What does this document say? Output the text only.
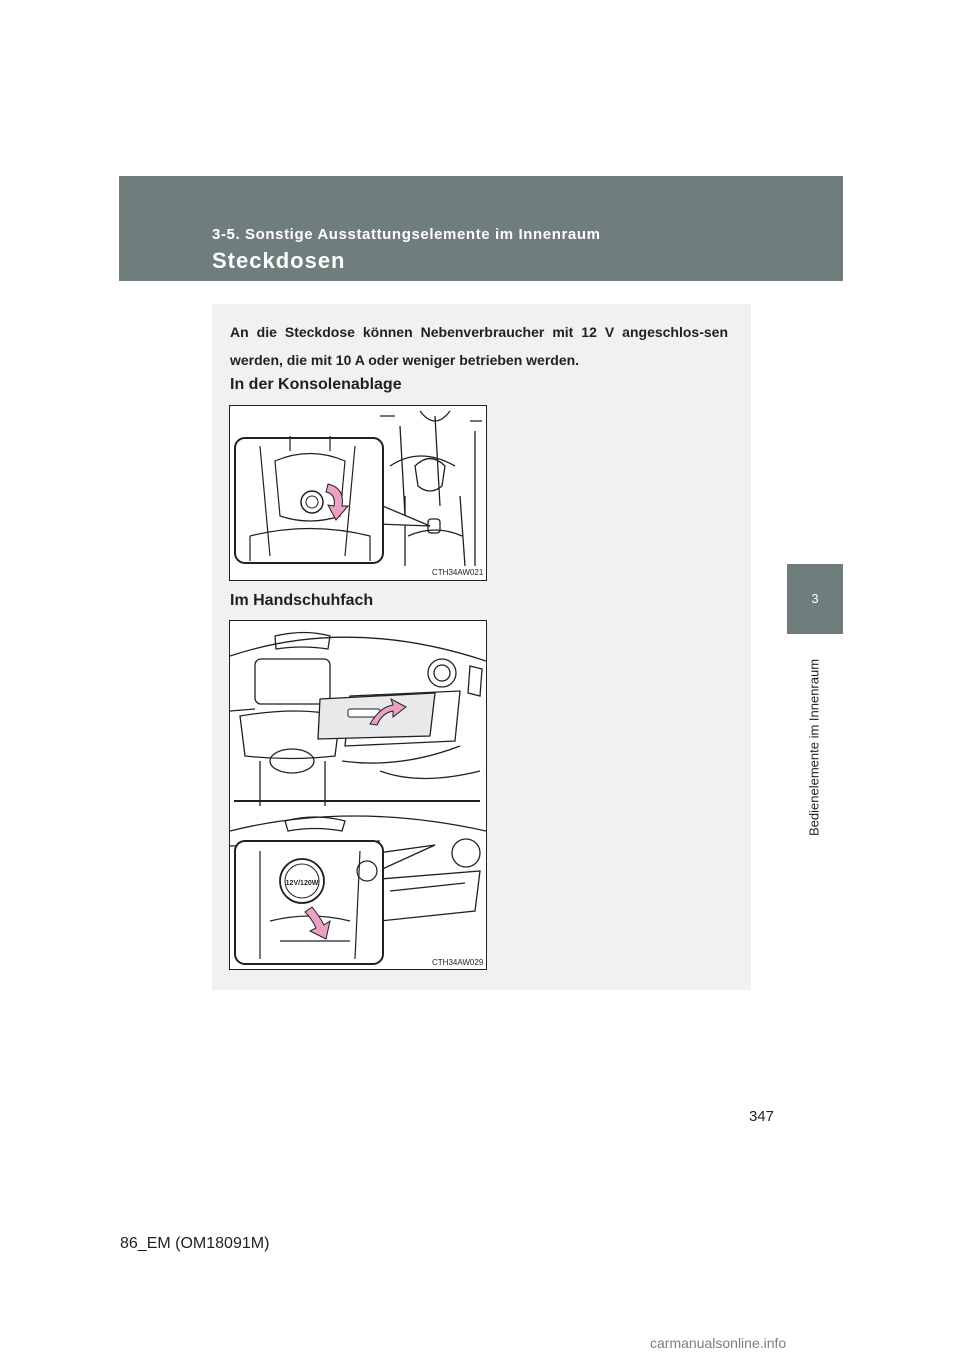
3-5. Sonstige Ausstattungselemente im Innenraum
Steckdosen
3
Bedienelemente im Innenraum
An die Steckdose können Nebenverbraucher mit 12 V angeschlos-sen werden, die mit 10 A oder weniger betrieben werden.
In der Konsolenablage
CTH34AW021
Im Handschuhfach
12V/120W
CTH34AW029
347
86_EM (OM18091M)
carmanualsonline.info
